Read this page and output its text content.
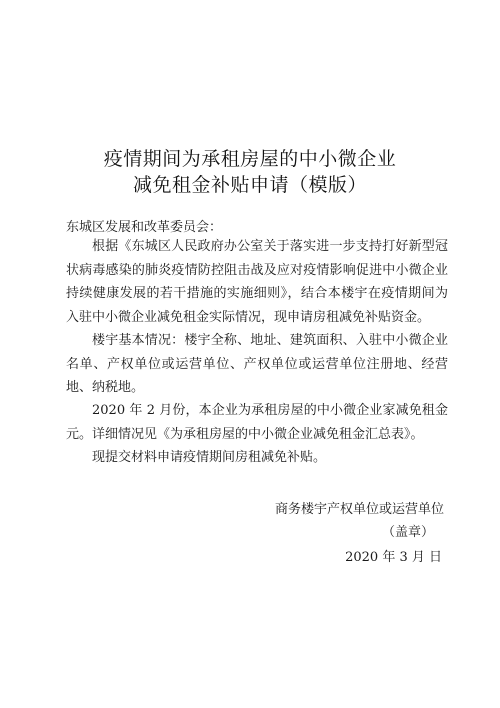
疫情期间为承租房屋的中小微企业
减免租金补贴申请（模版）
东城区发展和改革委员会：

根据《东城区人民政府办公室关于落实进一步支持打好新型冠状病毒感染的肺炎疫情防控阻击战及应对疫情影响促进中小微企业持续健康发展的若干措施的实施细则》，结合本楼宇在疫情期间为入驻中小微企业减免租金实际情况，现申请房租减免补贴资金。

楼宇基本情况：楼宇全称、地址、建筑面积、入驻中小微企业名单、产权单位或运营单位、产权单位或运营单位注册地、经营地、纳税地。

2020 年 2 月份，本企业为承租房屋的中小微企业家减免租金元。详细情况见《为承租房屋的中小微企业减免租金汇总表》。

现提交材料申请疫情期间房租减免补贴。

商务楼宇产权单位或运营单位
（盖章）
2020 年 3 月 日
